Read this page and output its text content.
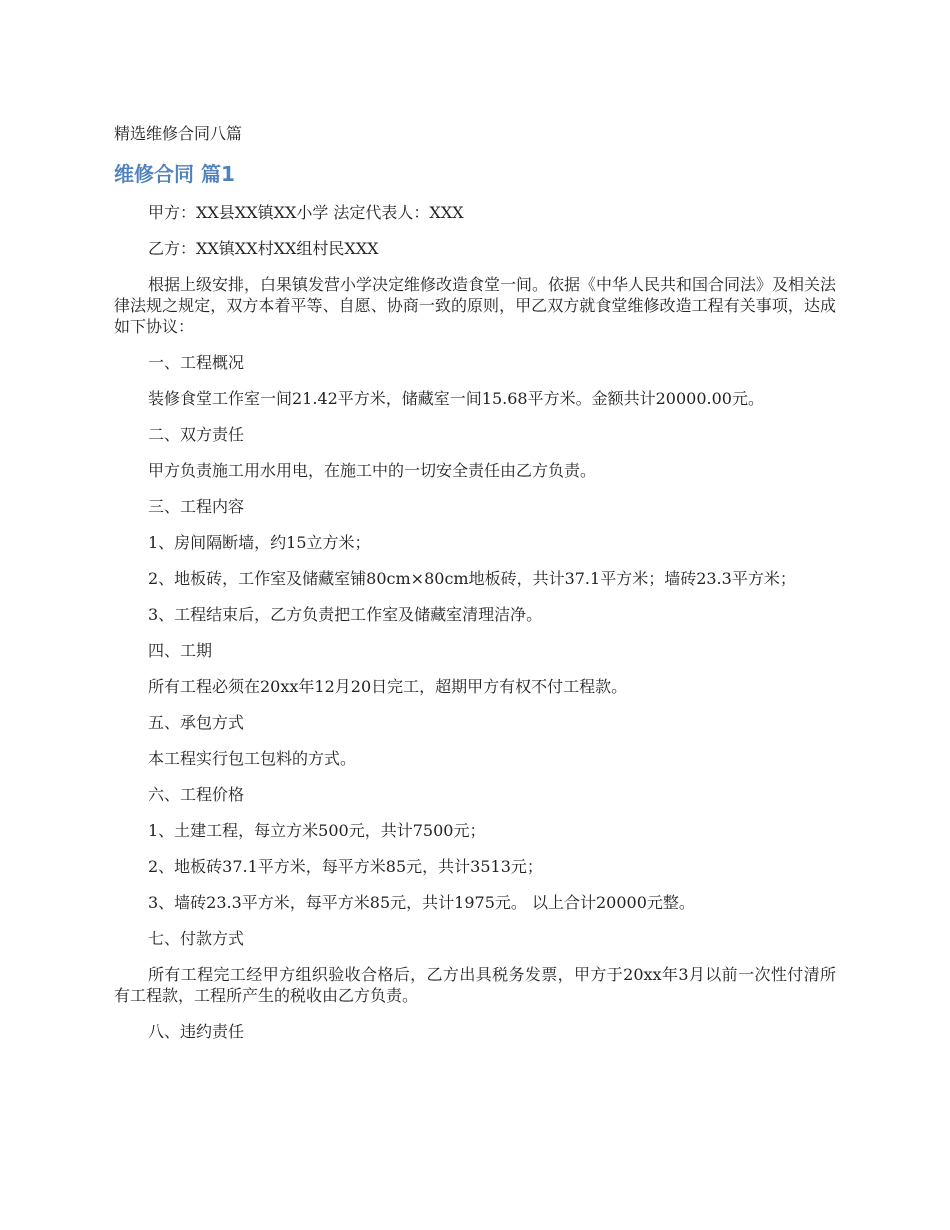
精选维修合同八篇
维修合同 篇1

甲方：XX县XX镇XX小学 法定代表人：XXX

乙方：XX镇XX村XX组村民XXX

根据上级安排，白果镇发营小学决定维修改造食堂一间。依据《中华人民共和国合同法》及相关法律法规之规定，双方本着平等、自愿、协商一致的原则，甲乙双方就食堂维修改造工程有关事项，达成如下协议：

一、工程概况

装修食堂工作室一间21.42平方米，储藏室一间15.68平方米。金额共计20000.00元。

二、双方责任

甲方负责施工用水用电，在施工中的一切安全责任由乙方负责。

三、工程内容

1、房间隔断墙，约15立方米；

2、地板砖，工作室及储藏室铺80cm×80cm地板砖，共计37.1平方米；墙砖23.3平方米；

3、工程结束后，乙方负责把工作室及储藏室清理洁净。

四、工期

所有工程必须在20xx年12月20日完工，超期甲方有权不付工程款。

五、承包方式

本工程实行包工包料的方式。

六、工程价格

1、土建工程，每立方米500元，共计7500元；

2、地板砖37.1平方米，每平方米85元，共计3513元；

3、墙砖23.3平方米，每平方米85元，共计1975元。 以上合计20000元整。

七、付款方式

所有工程完工经甲方组织验收合格后，乙方出具税务发票，甲方于20xx年3月以前一次性付清所有工程款，工程所产生的税收由乙方负责。

八、违约责任
